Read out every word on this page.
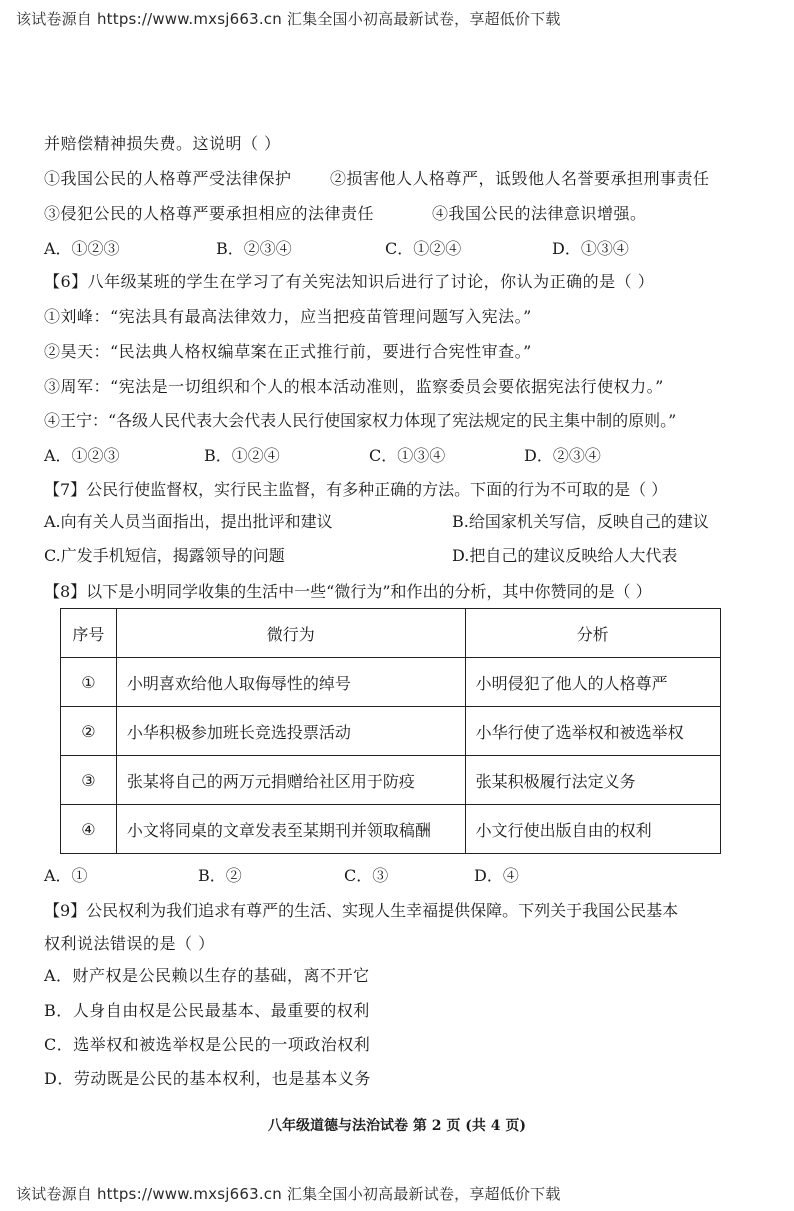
该试卷源自 https://www.mxsj663.cn 汇集全国小初高最新试卷，享超低价下载
并赔偿精神损失费。这说明（ ）
①我国公民的人格尊严受法律保护 ②损害他人人格尊严，诋毁他人名誉要承担刑事责任
③侵犯公民的人格尊严要承担相应的法律责任	④我国公民的法律意识增强。
A．①②③	B．②③④	C．①②④	D．①③④
【6】八年级某班的学生在学习了有关宪法知识后进行了讨论，你认为正确的是（ ）
①刘峰：“宪法具有最高法律效力，应当把疫苗管理问题写入宪法。”
②昊天：“民法典人格权编草案在正式推行前，要进行合宪性审查。”
③周军：“宪法是一切组织和个人的根本活动准则，监察委员会要依据宪法行使权力。”
④王宁：“各级人民代表大会代表人民行使国家权力体现了宪法规定的民主集中制的原则。”
A．①②③	B．①②④	C．①③④	D．②③④
【7】公民行使监督权，实行民主监督，有多种正确的方法。下面的行为不可取的是（ ）
A.向有关人员当面指出，提出批评和建议	B.给国家机关写信，反映自己的建议
C.广发手机短信，揭露领导的问题	D.把自己的建议反映给人大代表
【8】以下是小明同学收集的生活中一些“微行为”和作出的分析，其中你赞同的是（ ）
序号	微行为	分析
①	小明喜欢给他人取侮辱性的绰号	小明侵犯了他人的人格尊严
②	小华积极参加班长竞选投票活动	小华行使了选举权和被选举权
③	张某将自己的两万元捐赠给社区用于防疫	张某积极履行法定义务
④	小文将同桌的文章发表至某期刊并领取稿酬	小文行使出版自由的权利
A．①	B．②	C．③	D．④
【9】公民权利为我们追求有尊严的生活、实现人生幸福提供保障。下列关于我国公民基本
权利说法错误的是（ ）
A．财产权是公民赖以生存的基础，离不开它
B．人身自由权是公民最基本、最重要的权利
C．选举权和被选举权是公民的一项政治权利
D．劳动既是公民的基本权利，也是基本义务
八年级道德与法治试卷 第 2 页 (共 4 页)
该试卷源自 https://www.mxsj663.cn 汇集全国小初高最新试卷，享超低价下载
